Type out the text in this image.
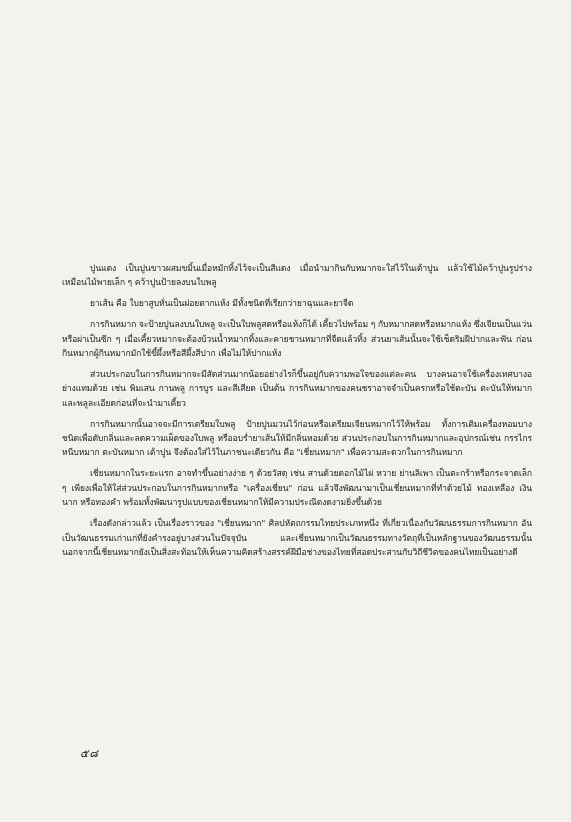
ปูนแดง เป็นปูนขาวผสมขมิ้นเมื่อหมักทิ้งไว้จะเป็นสีแดง เมื่อนำมากินกับหมากจะใส่ไว้ในเต้าปูน แล้วใช้ไม้คว้าปูนรูปร่างเหมือนไม้พายเล็ก ๆ คว้าปูนป้ายลงบนใบพลู

ยาเส้น คือ ใบยาสูบหั่นเป็นฝอยตากแห้ง มีทั้งชนิดที่เรียกว่ายาฉุนและยาจืด

การกินหมาก จะป้ายปูนลงบนใบพลู จะเป็นใบพลูสดหรือแห้งก็ได้ เคี้ยวไปพร้อม ๆ กับหมากสดหรือหมากแห้ง ซึ่งเจียนเป็นแว่นหรือผ่าเป็นซีก ๆ เมื่อเคี้ยวหมากจะต้องบ้วนน้ำหมากทิ้งและคายชานหมากที่จืดแล้วทิ้ง ส่วนยาเส้นนั้นจะใช้เช็ดริมฝีปากและฟัน ก่อนกินหมากผู้กินหมากมักใช้ขี้ผึ้งหรือสีผึ้งสีปาก เพื่อไม่ให้ปากแห้ง

ส่วนประกอบในการกินหมากจะมีสัดส่วนมากน้อยอย่างไรก็ขึ้นอยู่กับความพอใจของแต่ละคน บางคนอาจใช้เครื่องเทศบางอย่างแทมด้วย เช่น พิมเสน กานพลู การบูร และสีเสียด เป็นต้น การกินหมากของคนชราอาจจำเป็นครกหรือใช้ตะบัน ตะบันให้หมากและพลูละเอียดก่อนที่จะนำมาเคี้ยว

การกินหมากนั้นอาจจะมีการเตรียมใบพลู ป้ายปูนมวนไว้ก่อนหรือเตรียมเจียนหมากไว้ให้พร้อม ทั้งการเติมเครื่องหอมบางชนิดเพื่อดับกลิ่นและลดความเผ็ดของใบพลู หรืออบร่ำยาเส้นให้มีกลิ่นหอมด้วย ส่วนประกอบในการกินหมากและอุปกรณ์เช่น กรรไกรหนีบหมาก ตะบันหมาก เต้าปูน จึงต้องใส่ไว้ในภาชนะเดียวกัน คือ "เชี่ยนหมาก" เพื่อความสะดวกในการกินหมาก

เชี่ยนหมากในระยะแรก อาจทำขึ้นอย่างง่าย ๆ ด้วยวัสดุ เช่น สานด้วยดอกไม้ไผ่ หวาย ย่านลิเพา เป็นตะกร้าหรือกระจาดเล็ก ๆ เพียงเพื่อให้ใส่ส่วนประกอบในการกินหมากหรือ "เครื่องเชี่ยน" ก่อน แล้วจึงพัฒนามาเป็นเชี่ยนหมากที่ทำด้วยไม้ ทองเหลือง เงิน นาก หรือทองคำ พร้อมทั้งพัฒนารูปแบบของเชี่ยนหมากให้มีความประณีตงดงามยิ่งขึ้นด้วย

เรื่องดังกล่าวแล้ว เป็นเรื่องราวของ "เชี่ยนหมาก" ศิลปหัตถกรรมไทยประเภทหนึ่ง ที่เกี่ยวเนื่องกับวัฒนธรรมการกินหมาก อันเป็นวัฒนธรรมเก่าแก่ที่ยังคำรงอยู่บางส่วนในปัจจุบัน และเชี่ยนหมากเป็นวัฒนธรรมทางวัตถุที่เป็นหลักฐานของวัฒนธรรมนั้น นอกจากนี้เชี่ยนหมากยังเป็นสิ่งสะท้อนให้เห็นความคิดสร้างสรรค์ฝีมือช่างของไทยที่สอดประสานกับวิถีชีวิตของคนไทยเป็นอย่างดี

๕๘
